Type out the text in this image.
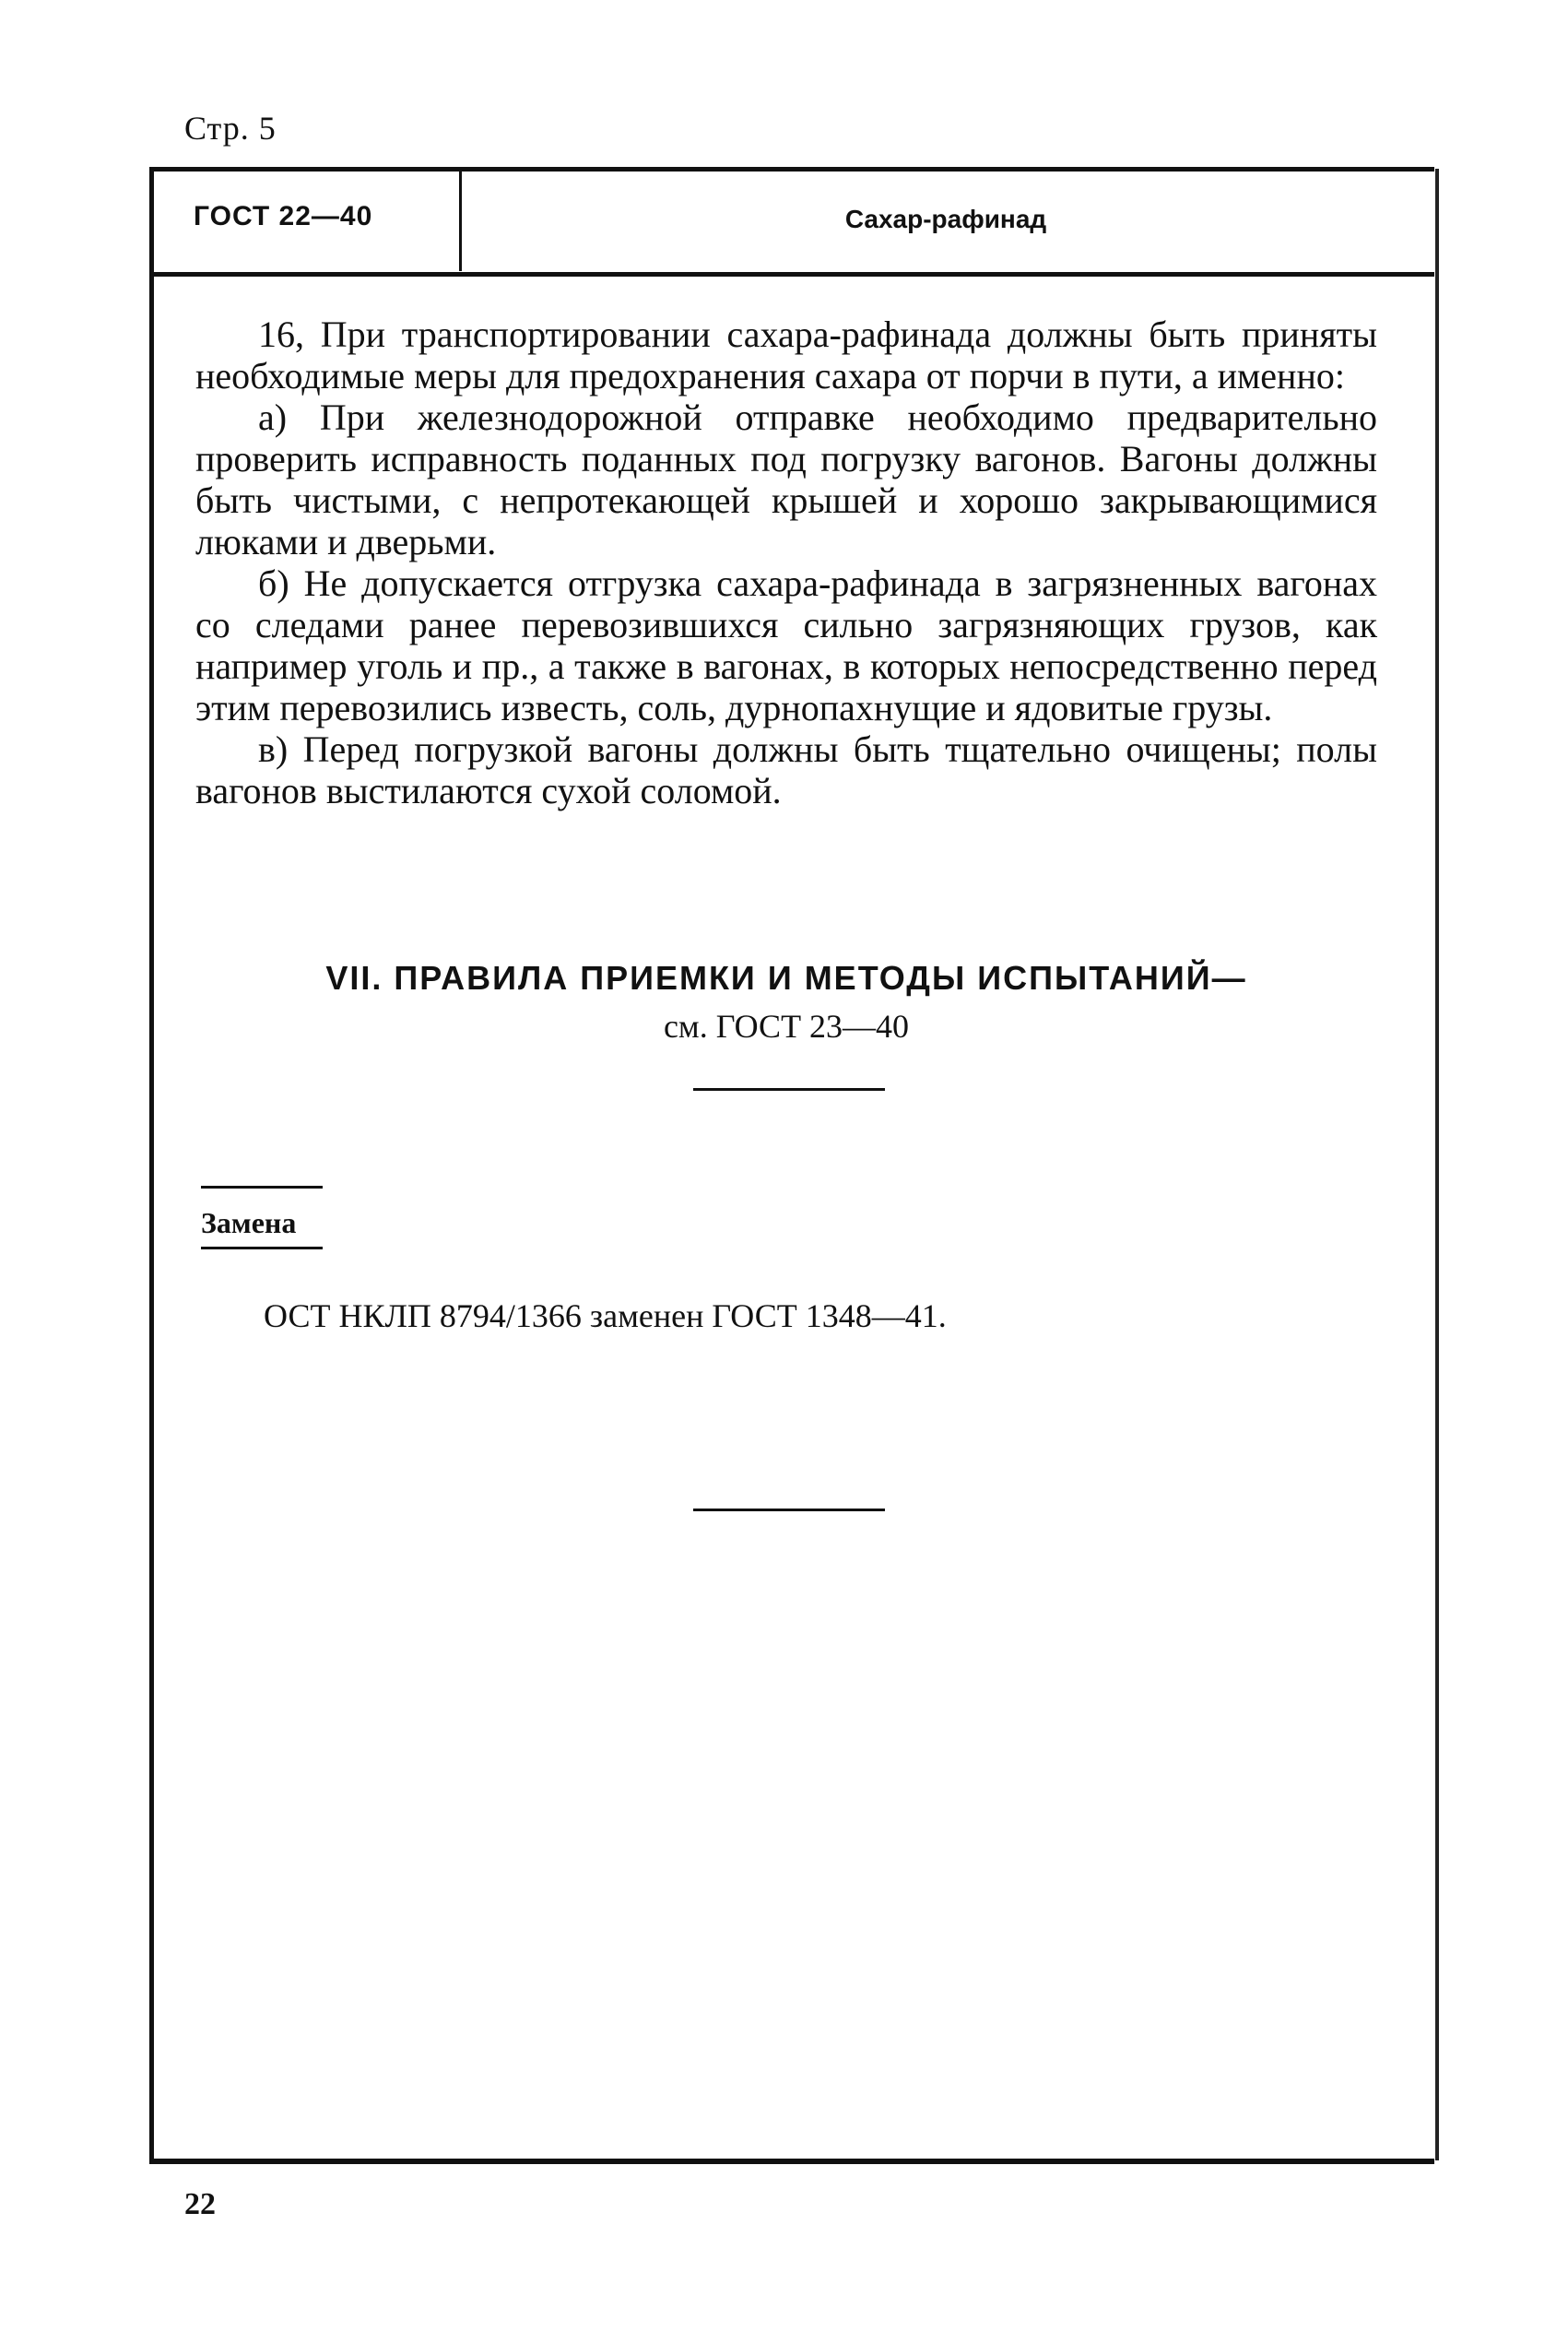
Стр. 5
ГОСТ 22—40	Сахар-рафинад

16, При транспортировании сахара-рафинада должны быть приняты необходимые меры для предохранения сахара от порчи в пути, а именно:

а) При железнодорожной отправке необходимо предварительно проверить исправность поданных под погрузку вагонов. Вагоны должны быть чистыми, с непротекающей крышей и хорошо закрывающимися люками и дверьми.

б) Не допускается отгрузка сахара-рафинада в загрязненных вагонах со следами ранее перевозившихся сильно загрязняющих грузов, как например уголь и пр., а также в вагонах, в которых непосредственно перед этим перевозились известь, соль, дурнопахнущие и ядовитые грузы.

в) Перед погрузкой вагоны должны быть тщательно очищены; полы вагонов выстилаются сухой соломой.

VII. ПРАВИЛА ПРИЕМКИ И МЕТОДЫ ИСПЫТАНИЙ—
см. ГОСТ 23—40
Замена
ОСТ НКЛП 8794/1366 заменен ГОСТ 1348—41.
22
